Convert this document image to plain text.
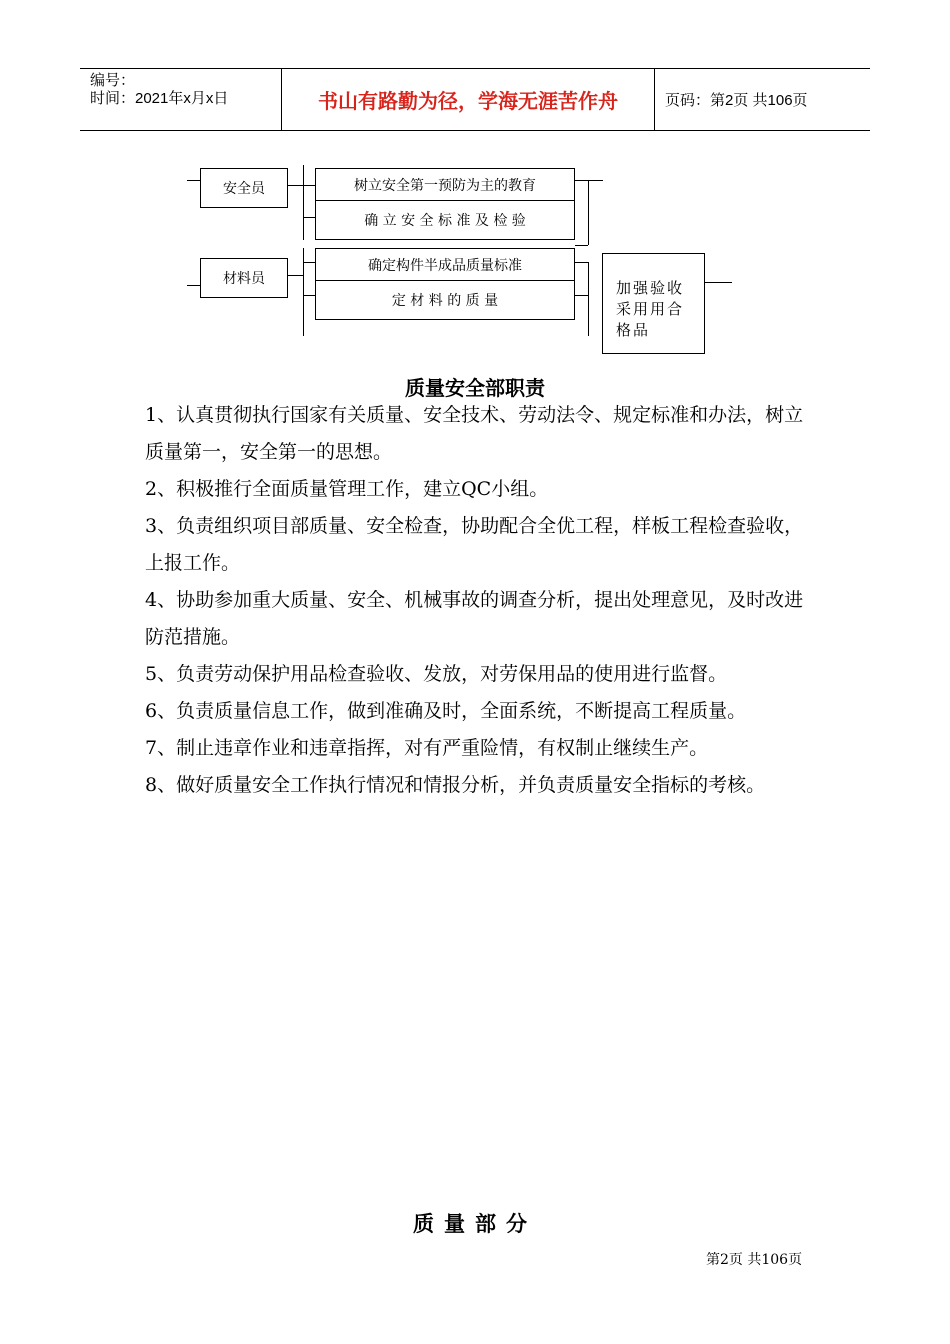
编号：
时间：2021年x月x日	书山有路勤为径，学海无涯苦作舟	页码：第2页 共106页
安全员	树立安全第一预防为主的教育
确 立 安 全 标 准 及 检 验
材料员
确定构件半成品质量标准
定 材 料 的 质 量
加强验收采用用合格品
质量安全部职责

1、认真贯彻执行国家有关质量、安全技术、劳动法令、规定标准和办法，树立质量第一，安全第一的思想。

2、积极推行全面质量管理工作，建立QC小组。

3、负责组织项目部质量、安全检查，协助配合全优工程，样板工程检查验收，上报工作。

4、协助参加重大质量、安全、机械事故的调查分析，提出处理意见，及时改进防范措施。

5、负责劳动保护用品检查验收、发放，对劳保用品的使用进行监督。

6、负责质量信息工作，做到准确及时，全面系统，不断提高工程质量。

7、制止违章作业和违章指挥，对有严重险情，有权制止继续生产。

8、做好质量安全工作执行情况和情报分析，并负责质量安全指标的考核。

质量部分
第2页 共106页
